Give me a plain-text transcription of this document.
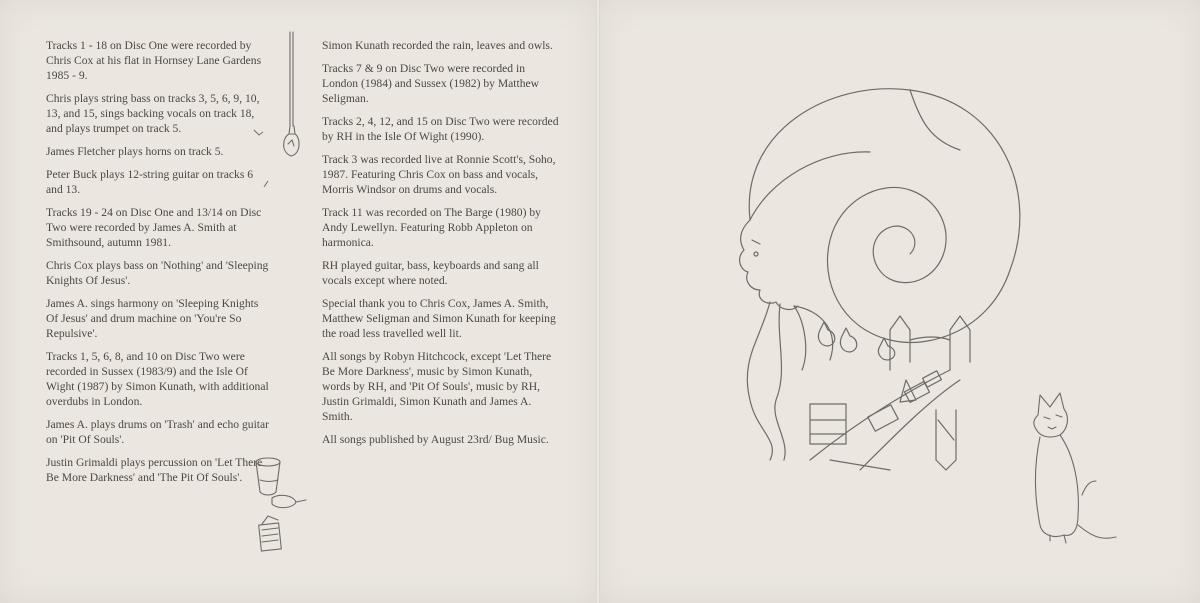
Tracks 1 - 18 on Disc One were recorded by Chris Cox at his flat in Hornsey Lane Gardens 1985 - 9.

Chris plays string bass on tracks 3, 5, 6, 9, 10, 13, and 15, sings backing vocals on track 18, and plays trumpet on track 5.

James Fletcher plays horns on track 5.

Peter Buck plays 12-string guitar on tracks 6 and 13.

Tracks 19 - 24 on Disc One and 13/14 on Disc Two were recorded by James A. Smith at Smithsound, autumn 1981.

Chris Cox plays bass on 'Nothing' and 'Sleeping Knights Of Jesus'.

James A. sings harmony on 'Sleeping Knights Of Jesus' and drum machine on 'You're So Repulsive'.

Tracks 1, 5, 6, 8, and 10 on Disc Two were recorded in Sussex (1983/9) and the Isle Of Wight (1987) by Simon Kunath, with additional overdubs in London.

James A. plays drums on 'Trash' and echo guitar on 'Pit Of Souls'.

Justin Grimaldi plays percussion on 'Let There Be More Darkness' and 'The Pit Of Souls'.

Simon Kunath recorded the rain, leaves and owls.

Tracks 7 & 9 on Disc Two were recorded in London (1984) and Sussex (1982) by Matthew Seligman.

Tracks 2, 4, 12, and 15 on Disc Two were recorded by RH in the Isle Of Wight (1990).

Track 3 was recorded live at Ronnie Scott's, Soho, 1987. Featuring Chris Cox on bass and vocals, Morris Windsor on drums and vocals.

Track 11 was recorded on The Barge (1980) by Andy Lewellyn. Featuring Robb Appleton on harmonica.

RH played guitar, bass, keyboards and sang all vocals except where noted.

Special thank you to Chris Cox, James A. Smith, Matthew Seligman and Simon Kunath for keeping the road less travelled well lit.

All songs by Robyn Hitchcock, except 'Let There Be More Darkness', music by Simon Kunath, words by RH, and 'Pit Of Souls', music by RH, Justin Grimaldi, Simon Kunath and James A. Smith.

All songs published by August 23rd/ Bug Music.
